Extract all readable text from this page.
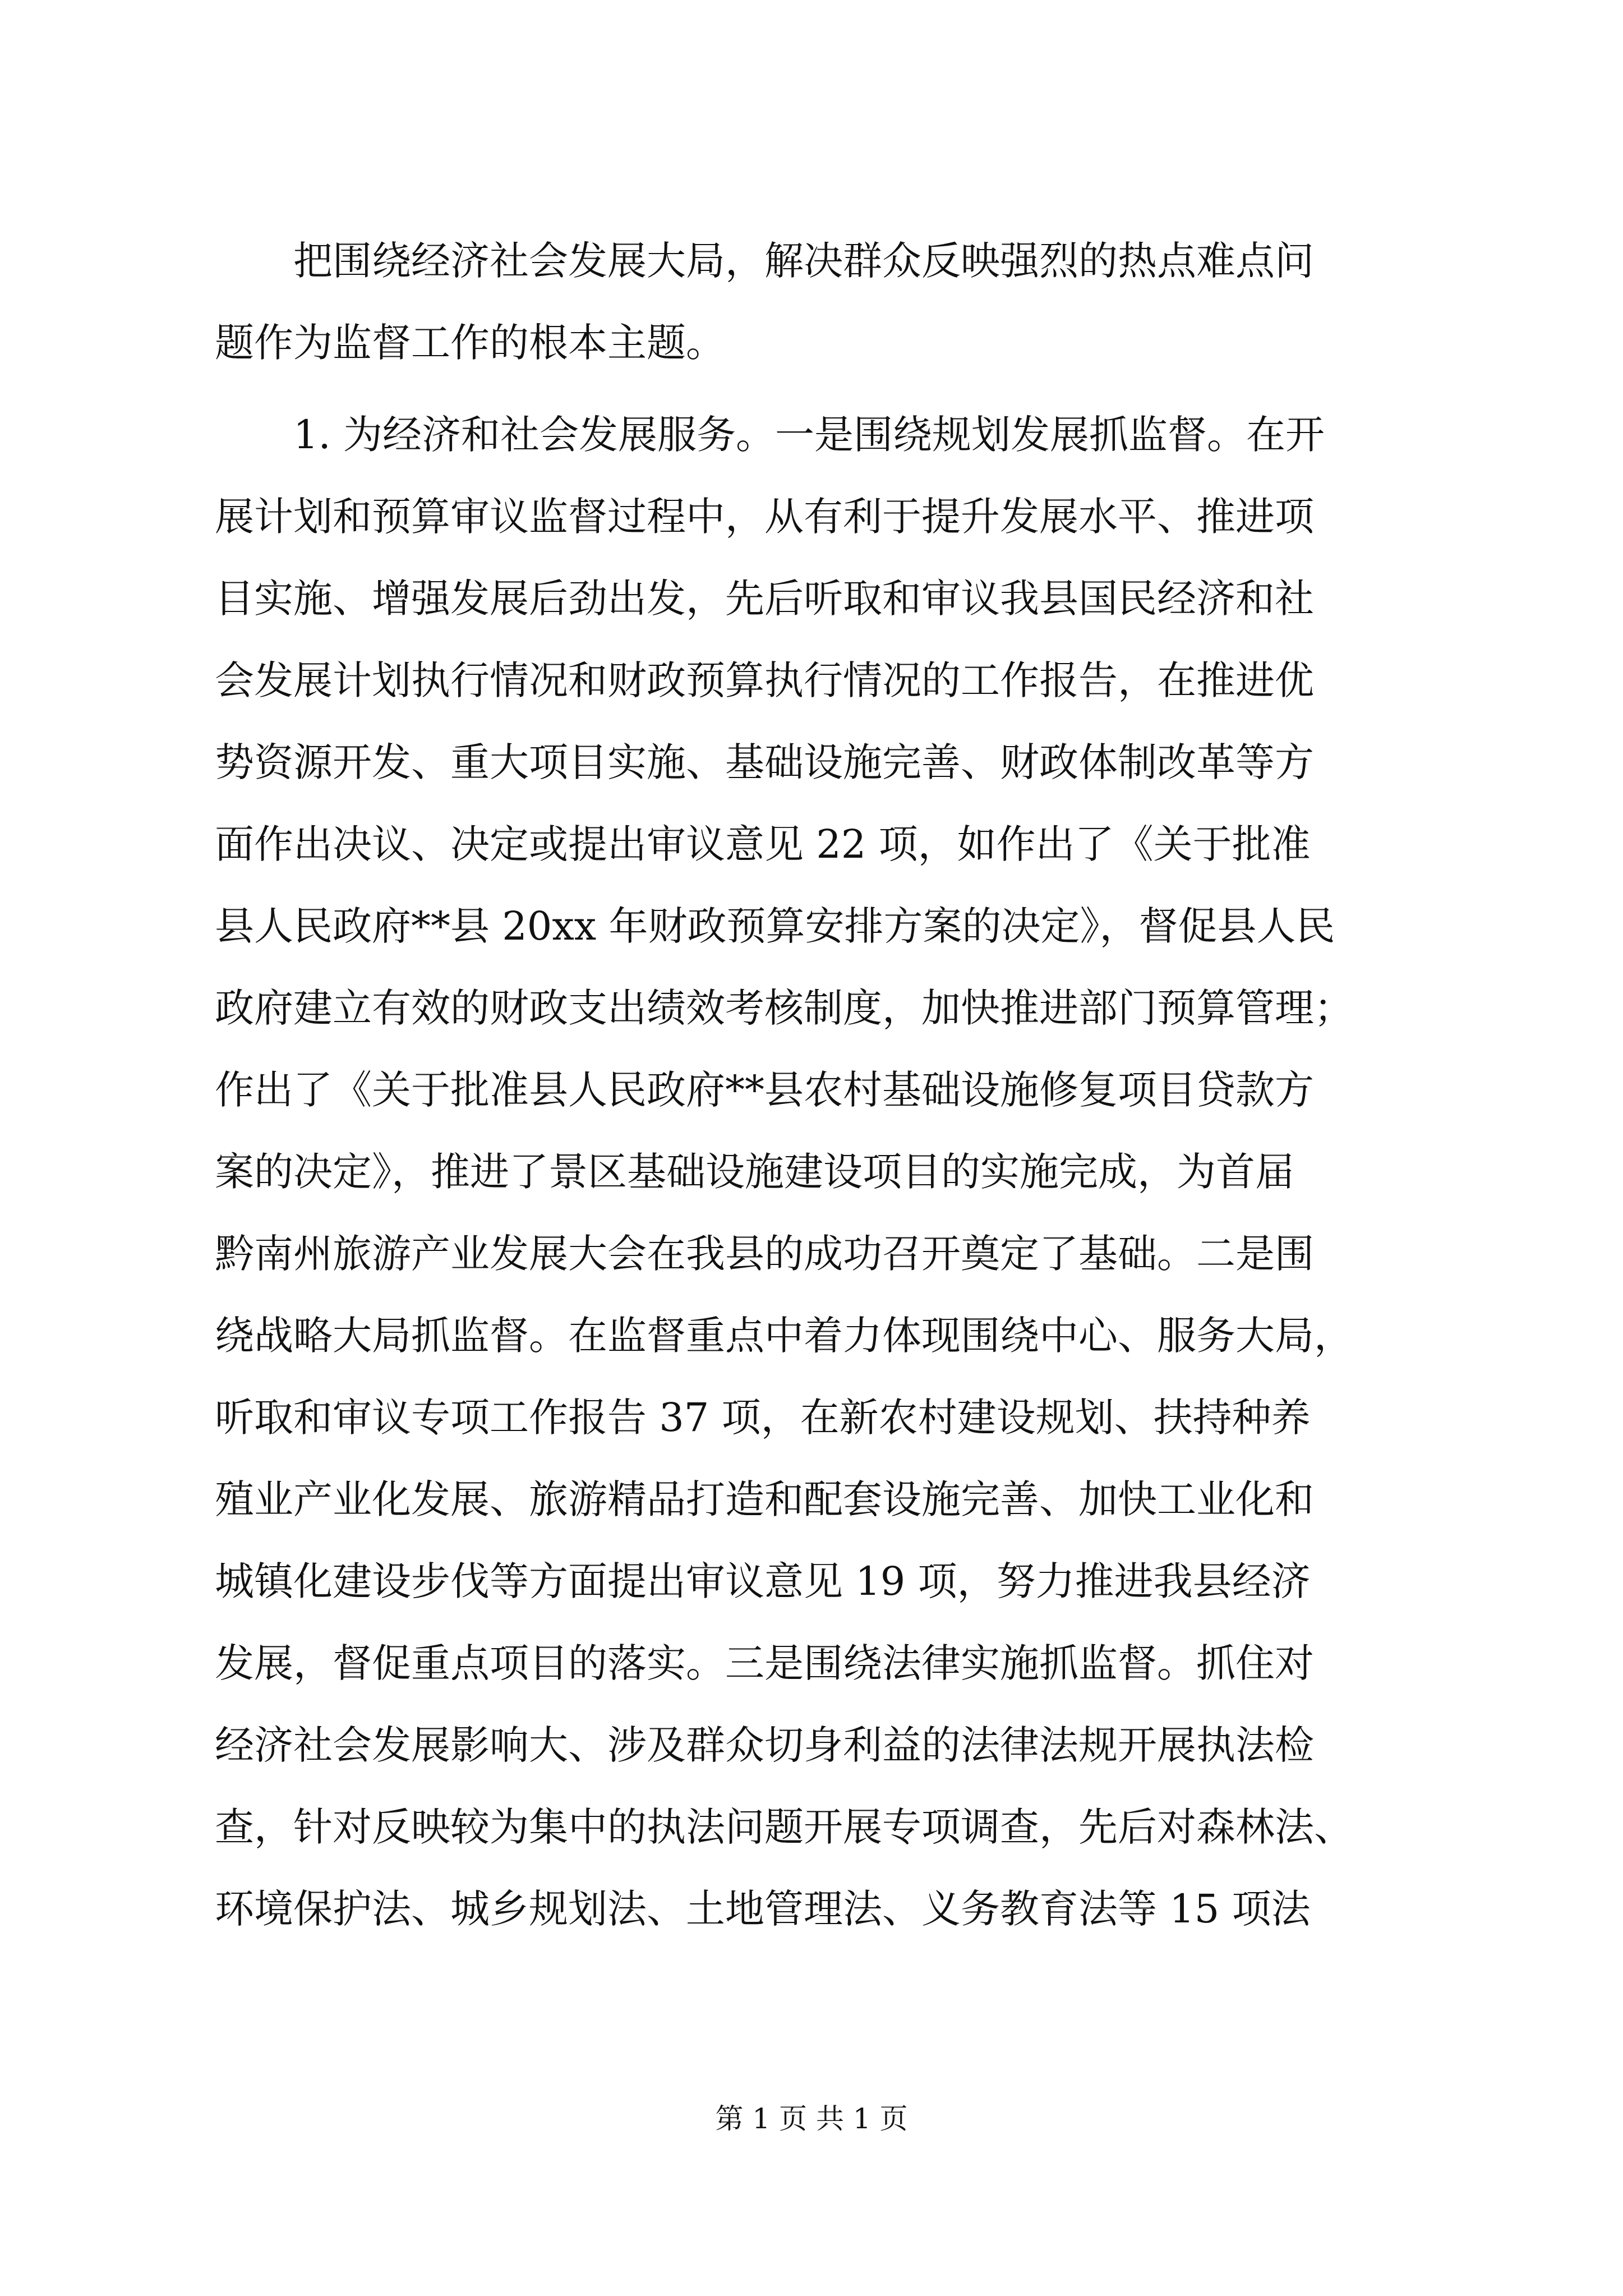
把围绕经济社会发展大局，解决群众反映强烈的热点难点问
题作为监督工作的根本主题。
1. 为经济和社会发展服务。一是围绕规划发展抓监督。在开
展计划和预算审议监督过程中，从有利于提升发展水平、推进项
目实施、增强发展后劲出发，先后听取和审议我县国民经济和社
会发展计划执行情况和财政预算执行情况的工作报告，在推进优
势资源开发、重大项目实施、基础设施完善、财政体制改革等方
面作出决议、决定或提出审议意见 22 项，如作出了《关于批准
县人民政府**县 20xx 年财政预算安排方案的决定》，督促县人民
政府建立有效的财政支出绩效考核制度，加快推进部门预算管理；
作出了《关于批准县人民政府**县农村基础设施修复项目贷款方
案的决定》，推进了景区基础设施建设项目的实施完成，为首届
黔南州旅游产业发展大会在我县的成功召开奠定了基础。二是围
绕战略大局抓监督。在监督重点中着力体现围绕中心、服务大局，
听取和审议专项工作报告 37 项，在新农村建设规划、扶持种养
殖业产业化发展、旅游精品打造和配套设施完善、加快工业化和
城镇化建设步伐等方面提出审议意见 19 项，努力推进我县经济
发展，督促重点项目的落实。三是围绕法律实施抓监督。抓住对
经济社会发展影响大、涉及群众切身利益的法律法规开展执法检
查，针对反映较为集中的执法问题开展专项调查，先后对森林法、
环境保护法、城乡规划法、土地管理法、义务教育法等 15 项法
第 1 页 共 1 页
